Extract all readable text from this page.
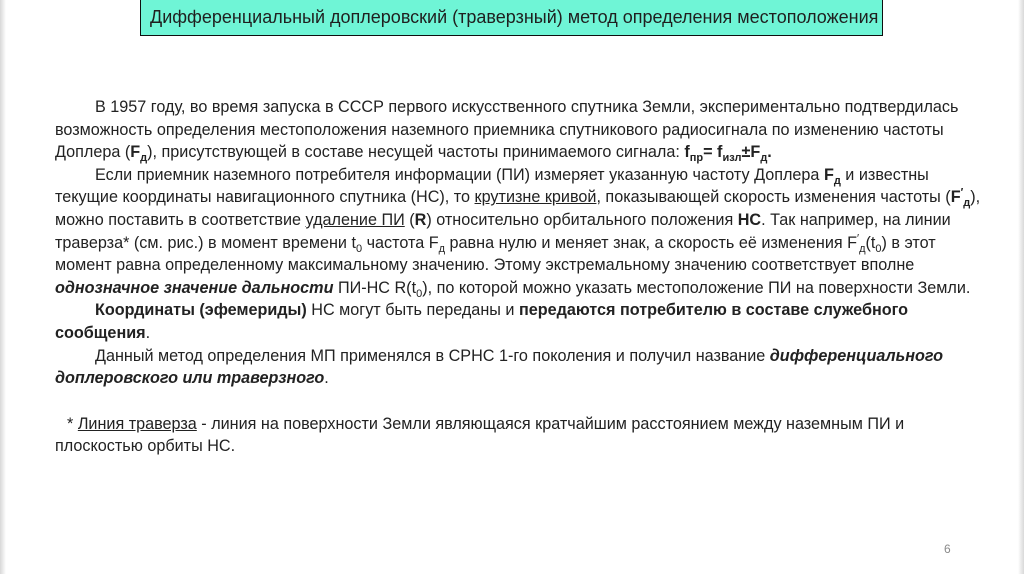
Дифференциальный доплеровский (траверзный) метод определения местоположения

В 1957 году, во время запуска в СССР первого искусственного спутника Земли, экспериментально подтвердилась возможность определения местоположения наземного приемника спутникового радиосигнала по изменению частоты Доплера $(F_д)$, присутствующей в составе несущей частоты принимаемого сигнала: $f_{пр}= f_{изл}\pm F_д$.

Если приемник наземного потребителя информации (ПИ) измеряет указанную частоту Доплера $F_д$ и известны текущие координаты навигационного спутника (НС), то крутизне кривой, показывающей скорость изменения частоты $(F'_д)$, можно поставить в соответствие удаление ПИ (R) относительно орбитального положения НС. Так например, на линии траверза* (см. рис.) в момент времени $t_0$ частота $F_д$ равна нулю и меняет знак, а скорость её изменения $F'_д(t_0)$ в этот момент равна определенному максимальному значению. Этому экстремальному значению соответствует вполне однозначное значение дальности ПИ-НС $R(t_0)$, по которой можно указать местоположение ПИ на поверхности Земли.

Координаты (эфемериды) НС могут быть переданы и передаются потребителю в составе служебного сообщения.

Данный метод определения МП применялся в СРНС 1-го поколения и получил название дифференциального доплеровского или траверзного.

* Линия траверза - линия на поверхности Земли являющаяся кратчайшим расстоянием между наземным ПИ и плоскостью орбиты НС.

6
